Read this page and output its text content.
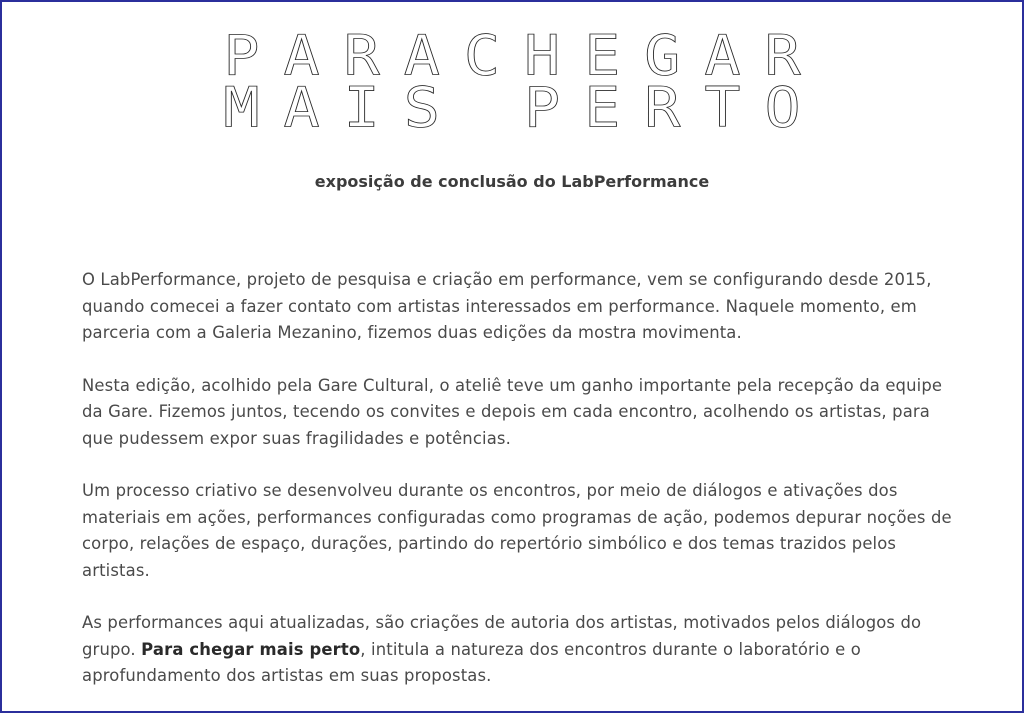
PARACHEGAR
MAIS PERTO
exposição de conclusão do LabPerformance

O LabPerformance, projeto de pesquisa e criação em performance, vem se configurando desde 2015, quando comecei a fazer contato com artistas interessados em performance. Naquele momento, em parceria com a Galeria Mezanino, fizemos duas edições da mostra movimenta.

Nesta edição, acolhido pela Gare Cultural, o ateliê teve um ganho importante pela recepção da equipe da Gare. Fizemos juntos, tecendo os convites e depois em cada encontro, acolhendo os artistas, para que pudessem expor suas fragilidades e potências.

Um processo criativo se desenvolveu durante os encontros, por meio de diálogos e ativações dos materiais em ações, performances configuradas como programas de ação, podemos depurar noções de corpo, relações de espaço, durações, partindo do repertório simbólico e dos temas trazidos pelos artistas.

As performances aqui atualizadas, são criações de autoria dos artistas, motivados pelos diálogos do grupo. Para chegar mais perto, intitula a natureza dos encontros durante o laboratório e o aprofundamento dos artistas em suas propostas.
